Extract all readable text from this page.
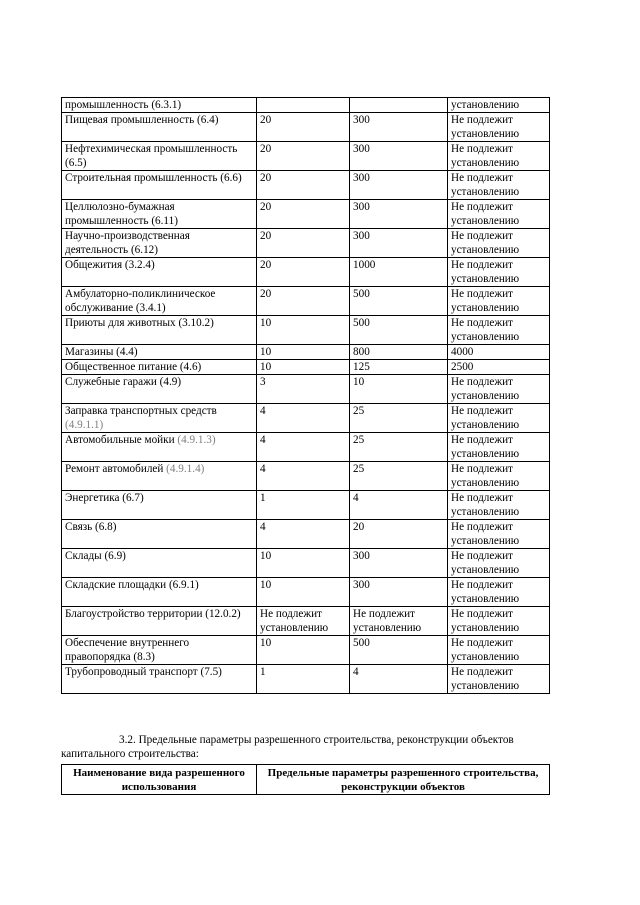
промышленность (6.3.1)			установлению
Пищевая промышленность (6.4)	20	300	Не подлежит установлению
Нефтехимическая промышленность (6.5)	20	300	Не подлежит установлению
Строительная промышленность (6.6)	20	300	Не подлежит установлению
Целлюлозно-бумажная промышленность (6.11)	20	300	Не подлежит установлению
Научно-производственная деятельность (6.12)	20	300	Не подлежит установлению
Общежития (3.2.4)	20	1000	Не подлежит установлению
Амбулаторно-поликлиническое обслуживание (3.4.1)	20	500	Не подлежит установлению
Приюты для животных (3.10.2)	10	500	Не подлежит установлению
Магазины (4.4)	10	800	4000
Общественное питание (4.6)	10	125	2500
Служебные гаражи (4.9)	3	10	Не подлежит установлению
Заправка транспортных средств (4.9.1.1)	4	25	Не подлежит установлению
Автомобильные мойки (4.9.1.3)	4	25	Не подлежит установлению
Ремонт автомобилей (4.9.1.4)	4	25	Не подлежит установлению
Энергетика (6.7)	1	4	Не подлежит установлению
Связь (6.8)	4	20	Не подлежит установлению
Склады (6.9)	10	300	Не подлежит установлению
Складские площадки (6.9.1)	10	300	Не подлежит установлению
Благоустройство территории (12.0.2)	Не подлежит установлению	Не подлежит установлению	Не подлежит установлению
Обеспечение внутреннего правопорядка (8.3)	10	500	Не подлежит установлению
Трубопроводный транспорт (7.5)	1	4	Не подлежит установлению
3.2. Предельные параметры разрешенного строительства, реконструкции объектов капитального строительства:
Наименование вида разрешенного использования	Предельные параметры разрешенного строительства, реконструкции объектов
